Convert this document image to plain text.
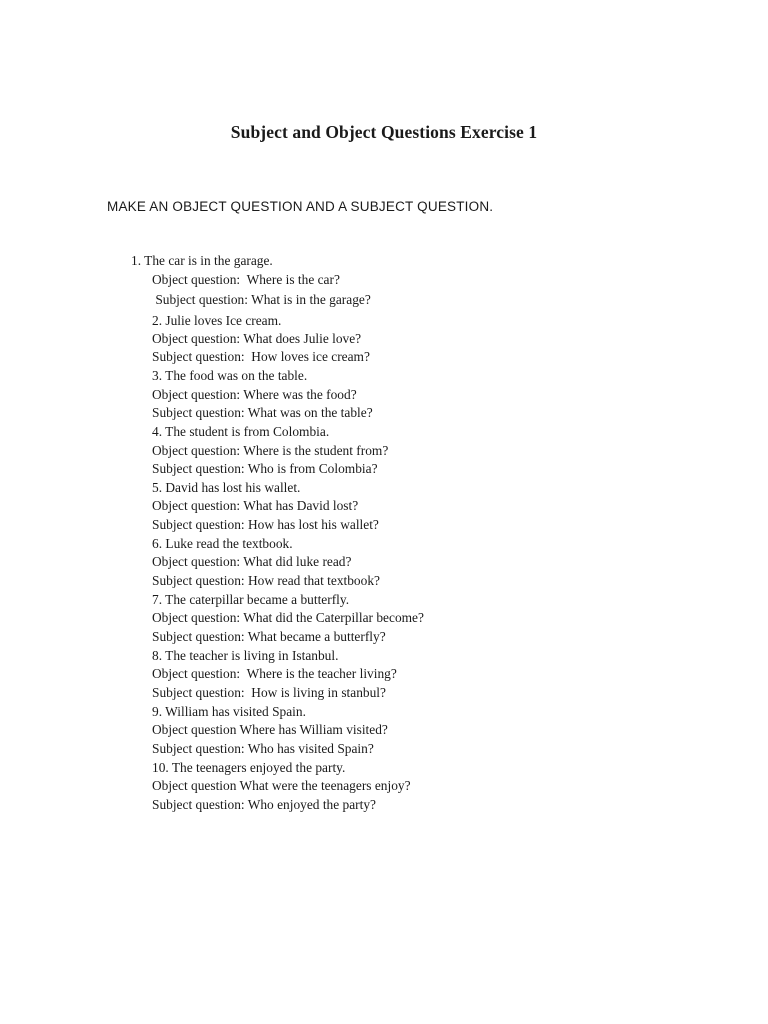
Subject and Object Questions Exercise 1
MAKE AN OBJECT QUESTION AND A SUBJECT QUESTION.
1. The car is in the garage.
Object question:  Where is the car?
Subject question: What is in the garage?
2. Julie loves Ice cream.
Object question: What does Julie love?
Subject question:  How loves ice cream?
3. The food was on the table.
Object question: Where was the food?
Subject question: What was on the table?
4. The student is from Colombia.
Object question: Where is the student from?
Subject question: Who is from Colombia?
5. David has lost his wallet.
Object question: What has David lost?
Subject question: How has lost his wallet?
6. Luke read the textbook.
Object question: What did luke read?
Subject question: How read that textbook?
7. The caterpillar became a butterfly.
Object question: What did the Caterpillar become?
Subject question: What became a butterfly?
8. The teacher is living in Istanbul.
Object question:  Where is the teacher living?
Subject question:  How is living in stanbul?
9. William has visited Spain.
Object question Where has William visited?
Subject question: Who has visited Spain?
10. The teenagers enjoyed the party.
Object question What were the teenagers enjoy?
Subject question: Who enjoyed the party?
